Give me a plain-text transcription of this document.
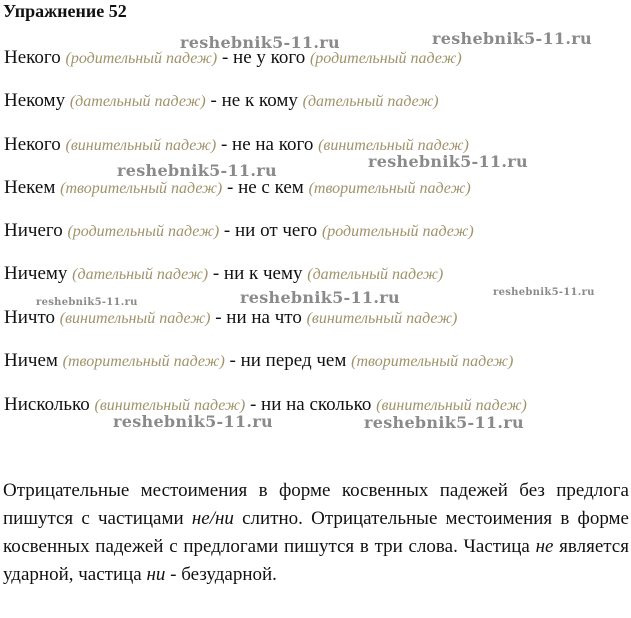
Упражнение 52
Некого (родительный падеж) - не у кого (родительный падеж)
Некому (дательный падеж) - не к кому (дательный падеж)
Некого (винительный падеж) - не на кого (винительный падеж)
Некем (творительный падеж) - не с кем (творительный падеж)
Ничего (родительный падеж) - ни от чего (родительный падеж)
Ничему (дательный падеж) - ни к чему (дательный падеж)
Ничто (винительный падеж) - ни на что (винительный падеж)
Ничем (творительный падеж) - ни перед чем (творительный падеж)
Нисколько (винительный падеж) - ни на сколько (винительный падеж)

Отрицательные местоимения в форме косвенных падежей без предлога пишутся с частицами не/ни слитно. Отрицательные местоимения в форме косвенных падежей с предлогами пишутся в три слова. Частица не является ударной, частица ни - безударной.

reshebnik5-11.ru	reshebnik5-11.ru
reshebnik5-11.ru	reshebnik5-11.ru
reshebnik5-11.ru	reshebnik5-11.ru	reshebnik5-11.ru
reshebnik5-11.ru	reshebnik5-11.ru
